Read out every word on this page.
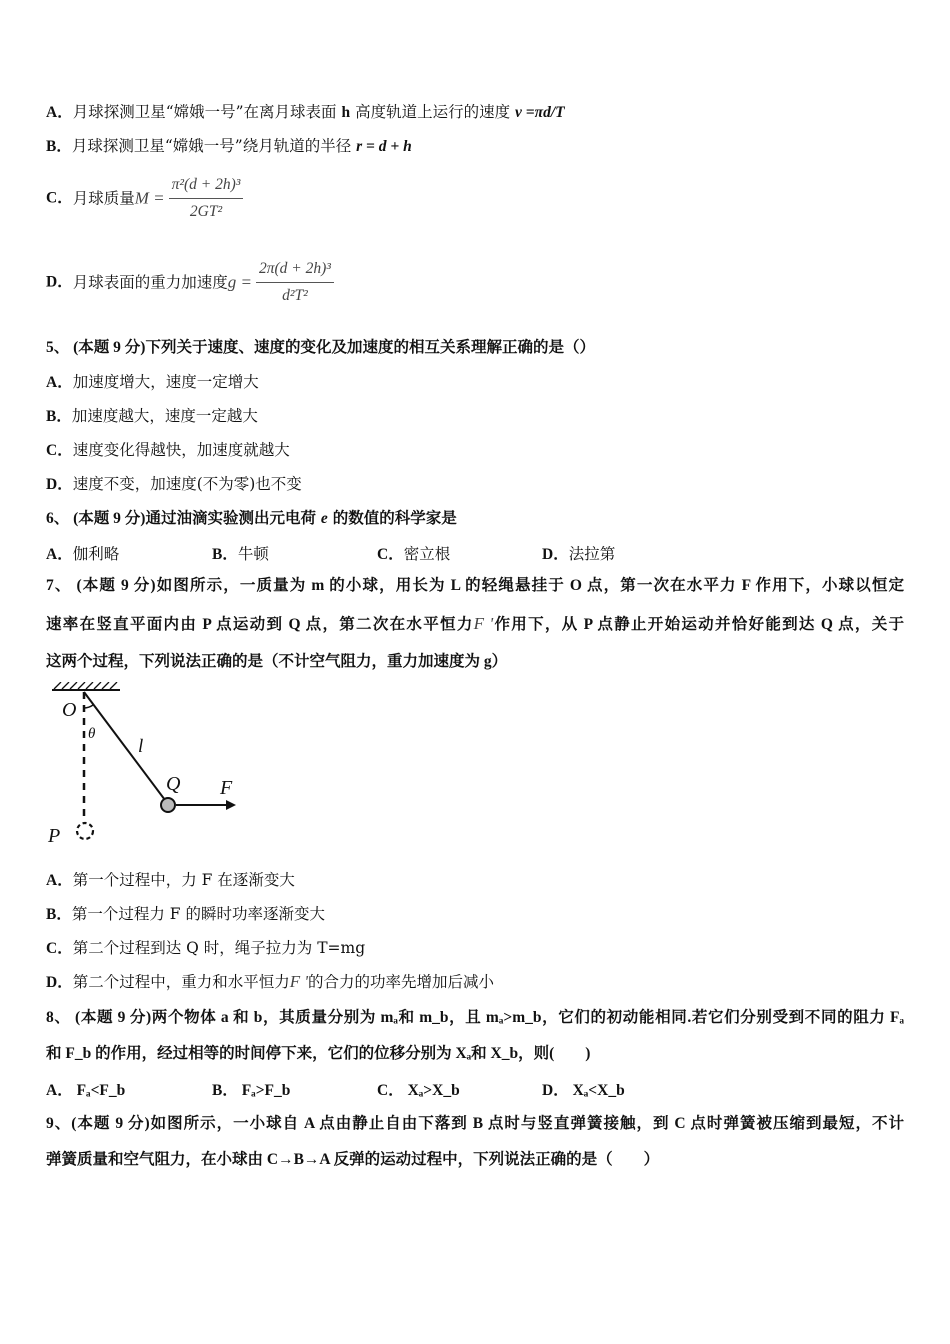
A．月球探测卫星“嫦娥一号”在离月球表面 h 高度轨道上运行的速度 v =πd/T
B．月球探测卫星“嫦娥一号”绕月轨道的半径 r = d + h
C．月球质量$M = \frac{\text{π²(d + 2h)³}}{\text{2GT²}}$
D．月球表面的重力加速度$g = \frac{\text{2π(d + 2h)³}}{\text{d²T²}}$
5、 (本题 9 分)下列关于速度、速度的变化及加速度的相互关系理解正确的是（）
A．加速度增大，速度一定增大
B．加速度越大，速度一定越大
C．速度变化得越快，加速度就越大
D．速度不变，加速度(不为零)也不变
6、 (本题 9 分)通过油滴实验测出元电荷 e 的数值的科学家是
A．伽利略	B．牛顿	C．密立根	D．法拉第
7、 (本题 9 分)如图所示，一质量为 m 的小球，用长为 L 的轻绳悬挂于 O 点，第一次在水平力 F 作用下，小球以恒定
速率在竖直平面内由 P 点运动到 Q 点，第二次在水平恒力F '作用下，从 P 点静止开始运动并恰好能到达 Q 点，关于
这两个过程，下列说法正确的是（不计空气阻力，重力加速度为 g）
O
θ
l
Q F
P
A．第一个过程中，力 F 在逐渐变大
B．第一个过程力 F 的瞬时功率逐渐变大
C．第二个过程到达 Q 时，绳子拉力为 T=mg
D．第二个过程中，重力和水平恒力F '的合力的功率先增加后减小
8、 (本题 9 分)两个物体 a 和 b，其质量分别为 mₐ和 m_b，且 mₐ>m_b，它们的初动能相同.若它们分别受到不同的阻力 Fₐ
和 F_b 的作用，经过相等的时间停下来，它们的位移分别为 Xₐ和 X_b，则(　　)
A． Fₐ<F_b	B． Fₐ>F_b	C． Xₐ>X_b	D． Xₐ<X_b
9、(本题 9 分)如图所示，一小球自 A 点由静止自由下落到 B 点时与竖直弹簧接触，到 C 点时弹簧被压缩到最短，不计
弹簧质量和空气阻力，在小球由 C→B→A 反弹的运动过程中，下列说法正确的是（　　）
